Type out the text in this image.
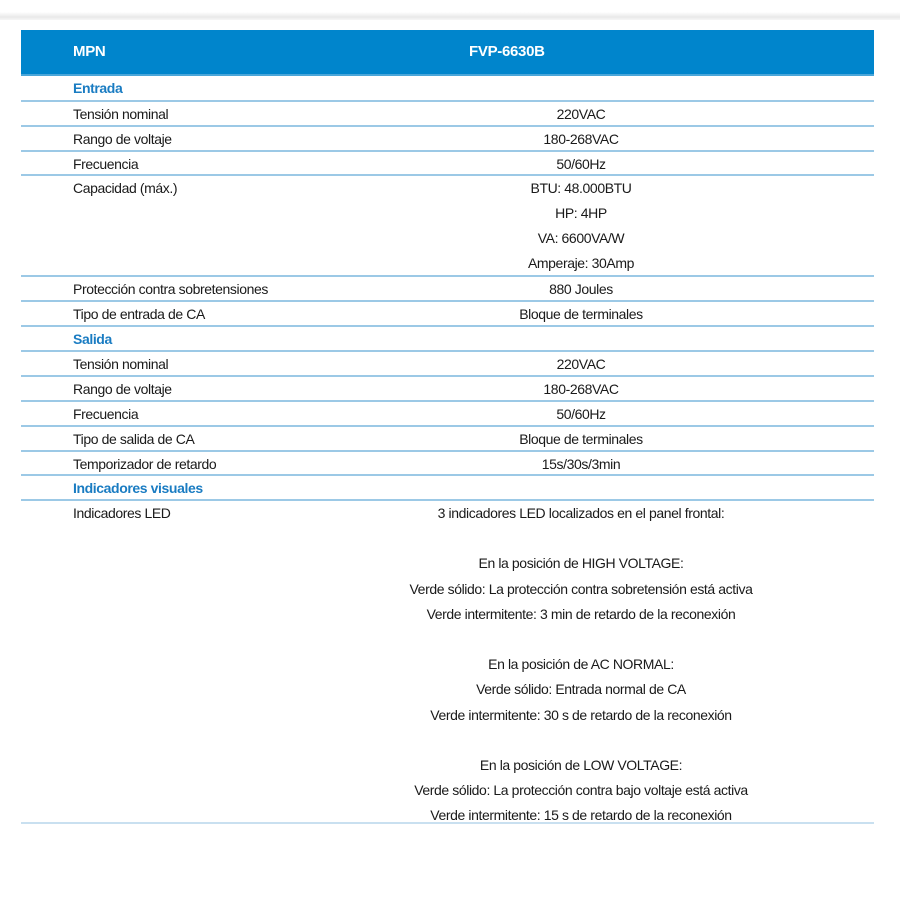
MPN	FVP-6630B
Entrada
Tensión nominal	220VAC
Rango de voltaje	180-268VAC
Frecuencia	50/60Hz
Capacidad (máx.)	BTU: 48.000BTU
HP: 4HP
VA: 6600VA/W
Amperaje: 30Amp
Protección contra sobretensiones	880 Joules
Tipo de entrada de CA	Bloque de terminales
Salida
Tensión nominal	220VAC
Rango de voltaje	180-268VAC
Frecuencia	50/60Hz
Tipo de salida de CA	Bloque de terminales
Temporizador de retardo	15s/30s/3min
Indicadores visuales
Indicadores LED	3 indicadores LED localizados en el panel frontal:
En la posición de HIGH VOLTAGE:
Verde sólido: La protección contra sobretensión está activa
Verde intermitente: 3 min de retardo de la reconexión
En la posición de AC NORMAL:
Verde sólido: Entrada normal de CA
Verde intermitente: 30 s de retardo de la reconexión
En la posición de LOW VOLTAGE:
Verde sólido: La protección contra bajo voltaje está activa
Verde intermitente: 15 s de retardo de la reconexión
